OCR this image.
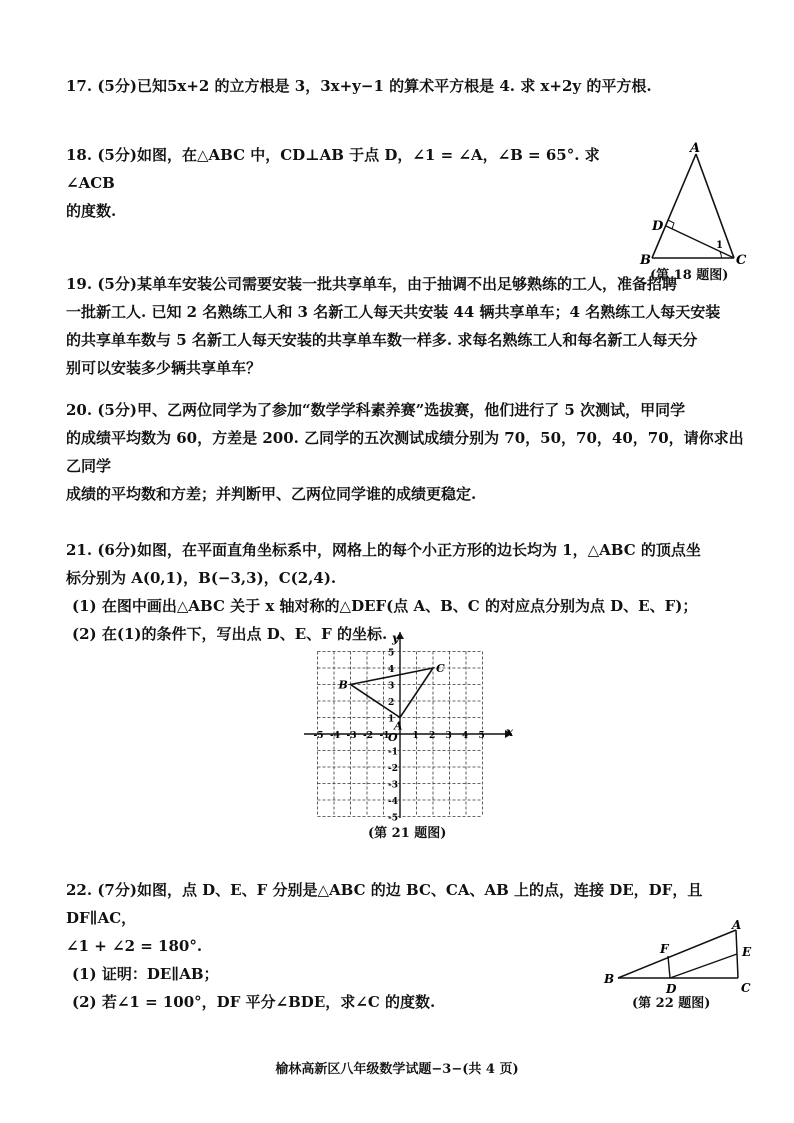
17. (5分)已知5x+2 的立方根是 3，3x+y−1 的算术平方根是 4. 求 x+2y 的平方根.

18. (5分)如图，在△ABC 中，CD⊥AB 于点 D，∠1 = ∠A，∠B = 65°. 求∠ACB

的度数.

A
B	C
D
1
(第 18 题图)

19. (5分)某单车安装公司需要安装一批共享单车，由于抽调不出足够熟练的工人，准备招聘

一批新工人. 已知 2 名熟练工人和 3 名新工人每天共安装 44 辆共享单车；4 名熟练工人每天安装

的共享单车数与 5 名新工人每天安装的共享单车数一样多. 求每名熟练工人和每名新工人每天分

别可以安装多少辆共享单车？

20. (5分)甲、乙两位同学为了参加“数学学科素养赛”选拔赛，他们进行了 5 次测试，甲同学

的成绩平均数为 60，方差是 200. 乙同学的五次测试成绩分别为 70，50，70，40，70，请你求出乙同学

成绩的平均数和方差；并判断甲、乙两位同学谁的成绩更稳定.

21. (6分)如图，在平面直角坐标系中，网格上的每个小正方形的边长均为 1，△ABC 的顶点坐

标分别为 A(0,1)，B(−3,3)，C(2,4).

(1) 在图中画出△ABC 关于 x 轴对称的△DEF(点 A、B、C 的对应点分别为点 D、E、F)；

(2) 在(1)的条件下，写出点 D、E、F 的坐标.

-5 -4 -3 -2 -1	1 2 3 4 5
5
4
3
2
1
-1
-2
-3
-4
-5
x
y
O
A
B
C
(第 21 题图)

22. (7分)如图，点 D、E、F 分别是△ABC 的边 BC、CA、AB 上的点，连接 DE，DF，且 DF∥AC，

∠1 + ∠2 = 180°.

(1) 证明：DE∥AB；

(2) 若∠1 = 100°，DF 平分∠BDE，求∠C 的度数.

A
B
C
D
E
F
(第 22 题图)
榆林高新区八年级数学试题−3−(共 4 页)
